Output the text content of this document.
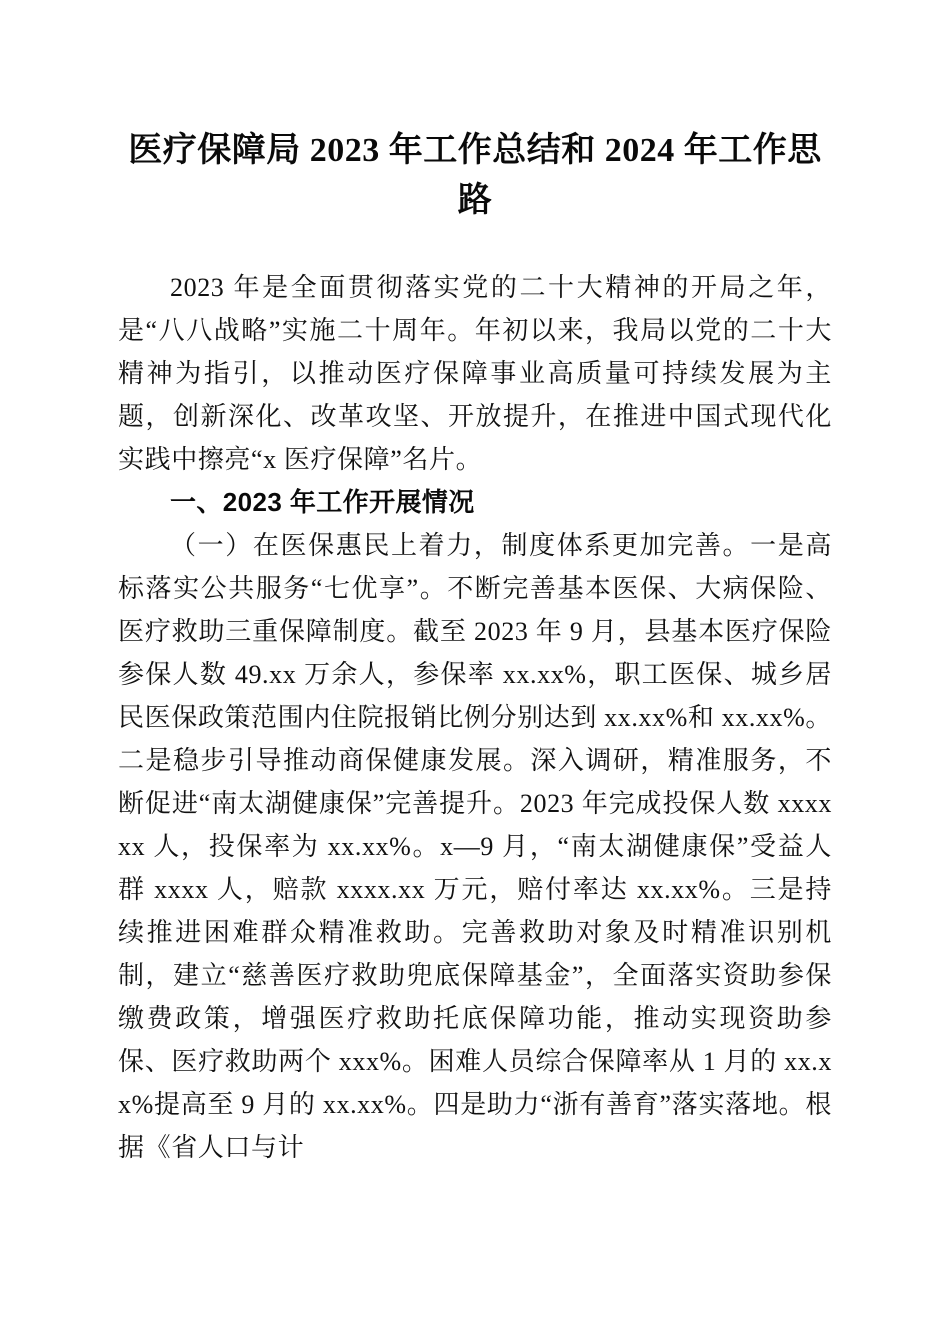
医疗保障局 2023 年工作总结和 2024 年工作思路

2023 年是全面贯彻落实党的二十大精神的开局之年，是“八八战略”实施二十周年。年初以来，我局以党的二十大精神为指引，以推动医疗保障事业高质量可持续发展为主题，创新深化、改革攻坚、开放提升，在推进中国式现代化实践中擦亮“x 医疗保障”名片。

一、2023 年工作开展情况

（一）在医保惠民上着力，制度体系更加完善。一是高标落实公共服务“七优享”。不断完善基本医保、大病保险、医疗救助三重保障制度。截至 2023 年 9 月，县基本医疗保险参保人数 49.xx 万余人，参保率 xx.xx%，职工医保、城乡居民医保政策范围内住院报销比例分别达到 xx.xx%和 xx.xx%。二是稳步引导推动商保健康发展。深入调研，精准服务，不断促进“南太湖健康保”完善提升。2023 年完成投保人数 xxxxxx 人，投保率为 xx.xx%。x—9 月，“南太湖健康保”受益人群 xxxx 人，赔款 xxxx.xx 万元，赔付率达 xx.xx%。三是持续推进困难群众精准救助。完善救助对象及时精准识别机制，建立“慈善医疗救助兜底保障基金”，全面落实资助参保缴费政策，增强医疗救助托底保障功能，推动实现资助参保、医疗救助两个 xxx%。困难人员综合保障率从 1 月的 xx.xx%提高至 9 月的 xx.xx%。四是助力“浙有善育”落实落地。根据《省人口与计
